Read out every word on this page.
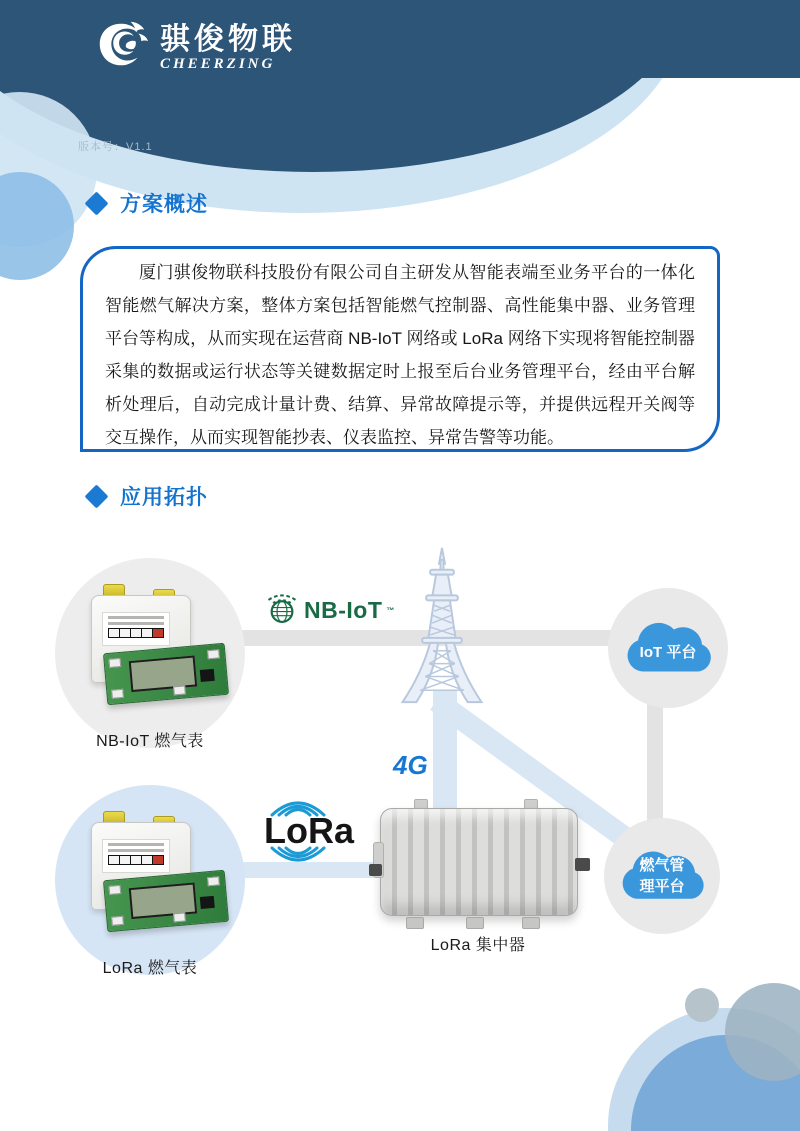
骐俊物联
CHEERZING
版本号：V1.1
方案概述
厦门骐俊物联科技股份有限公司自主研发从智能表端至业务平台的一体化智能燃气解决方案，整体方案包括智能燃气控制器、高性能集中器、业务管理平台等构成，从而实现在运营商 NB-IoT 网络或 LoRa 网络下实现将智能控制器采集的数据或运行状态等关键数据定时上报至后台业务管理平台，经由平台解析处理后，自动完成计量计费、结算、异常故障提示等，并提供远程开关阀等交互操作，从而实现智能抄表、仪表监控、异常告警等功能。
应用拓扑
NB-IoT 燃气表
NB-IoT ™
IoT 平台
4G
LoRa 燃气表
LoRa
LoRa 集中器
燃气管
理平台
